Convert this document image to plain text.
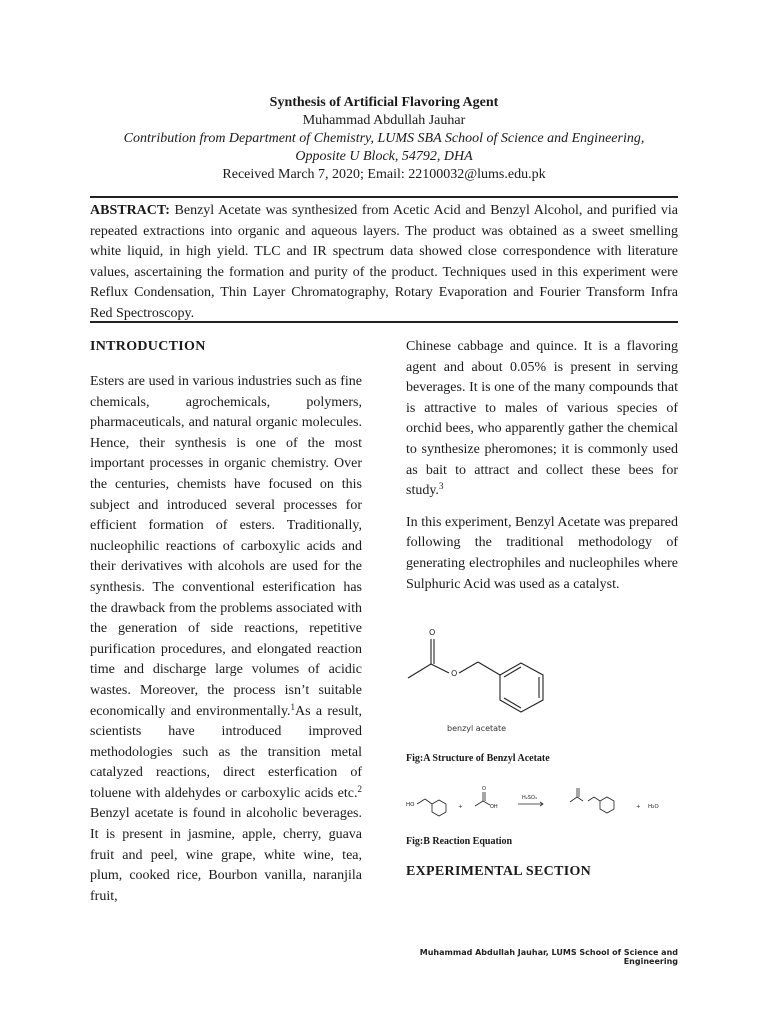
Synthesis of Artificial Flavoring Agent
Muhammad Abdullah Jauhar
Contribution from Department of Chemistry, LUMS SBA School of Science and Engineering,
Opposite U Block, 54792, DHA
Received March 7, 2020; Email: 22100032@lums.edu.pk
ABSTRACT: Benzyl Acetate was synthesized from Acetic Acid and Benzyl Alcohol, and purified via repeated extractions into organic and aqueous layers. The product was obtained as a sweet smelling white liquid, in high yield. TLC and IR spectrum data showed close correspondence with literature values, ascertaining the formation and purity of the product. Techniques used in this experiment were Reflux Condensation, Thin Layer Chromatography, Rotary Evaporation and Fourier Transform Infra Red Spectroscopy.
INTRODUCTION

Esters are used in various industries such as fine chemicals, agrochemicals, polymers, pharmaceuticals, and natural organic molecules. Hence, their synthesis is one of the most important processes in organic chemistry. Over the centuries, chemists have focused on this subject and introduced several processes for efficient formation of esters. Traditionally, nucleophilic reactions of carboxylic acids and their derivatives with alcohols are used for the synthesis. The conventional esterification has the drawback from the problems associated with the generation of side reactions, repetitive purification procedures, and elongated reaction time and discharge large volumes of acidic wastes. Moreover, the process isn’t suitable economically and environmentally.$^1$As a result, scientists have introduced improved methodologies such as the transition metal catalyzed reactions, direct esterfication of toluene with aldehydes or carboxylic acids etc.$^2$ Benzyl acetate is found in alcoholic beverages. It is present in jasmine, apple, cherry, guava fruit and peel, wine grape, white wine, tea, plum, cooked rice, Bourbon vanilla, naranjila fruit,

Chinese cabbage and quince. It is a flavoring agent and about 0.05% is present in serving beverages. It is one of the many compounds that is attractive to males of various species of orchid bees, who apparently gather the chemical to synthesize pheromones; it is commonly used as bait to attract and collect these bees for study.$^3$

In this experiment, Benzyl Acetate was prepared following the traditional methodology of generating electrophiles and nucleophiles where Sulphuric Acid was used as a catalyst.

O
O
benzyl acetate
Fig:A Structure of Benzyl Acetate
HO	+
O
OH
H₂SO₄
+ H₂O
Fig:B Reaction Equation
EXPERIMENTAL SECTION
Muhammad Abdullah Jauhar, LUMS School of Science and Engineering
